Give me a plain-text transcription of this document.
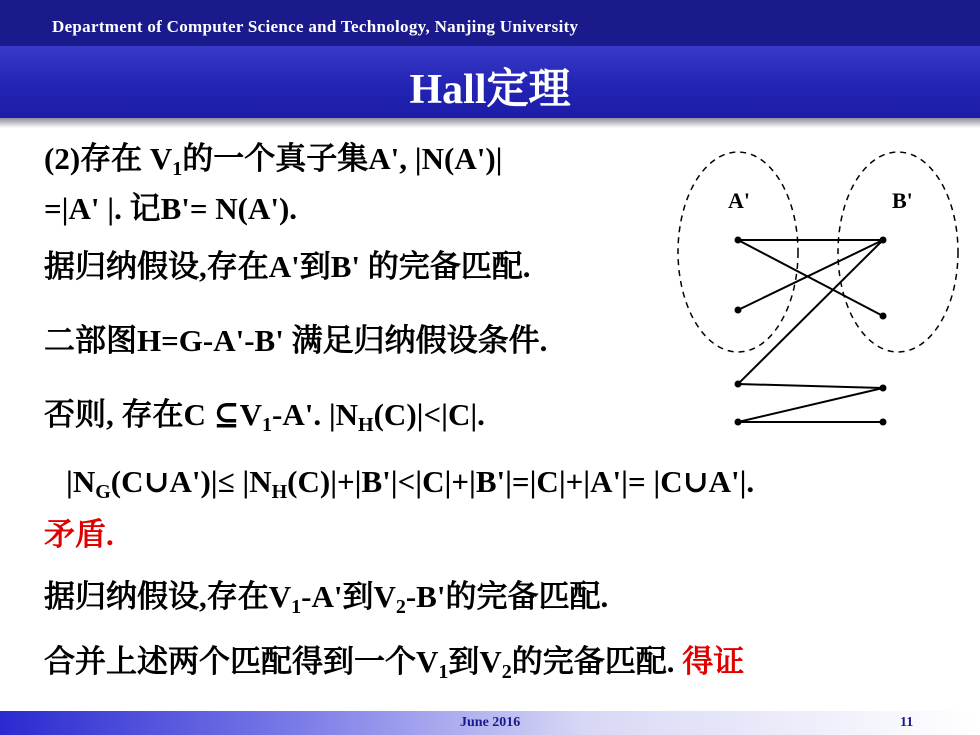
Department of Computer Science and Technology, Nanjing University
Hall定理
(2)存在 $V_1$的一个真子集A', |N(A')|
=|A' |. 记B'= N(A').
据归纳假设,存在A'到B' 的完备匹配.
二部图H=G-A'-B' 满足归纳假设条件.
否则, 存在C $⊆V_1-A'$. $|N_H(C)|<|C|$.
$|N_G(C\cup A')|\le |N_H(C)|+|B'|<|C|+|B'|=|C|+|A'|=$ |C∪A'|.
矛盾.
据归纳假设,存在$V_1-A'$到$V_2-B'$的完备匹配.
合并上述两个匹配得到一个$V_1$到$V_2$的完备匹配. 得证
A'	B'
June 2016	11
